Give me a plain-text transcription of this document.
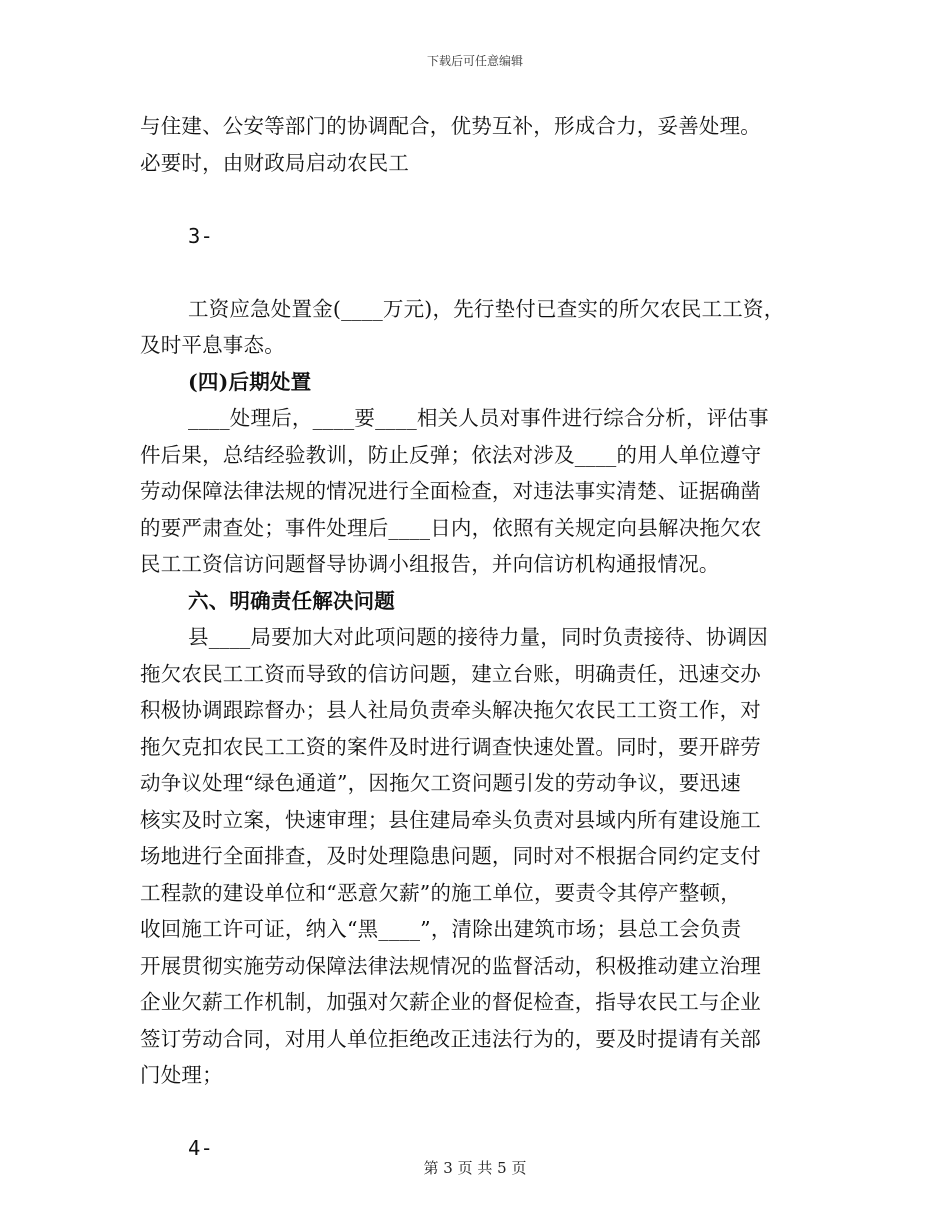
下载后可任意编辑
与住建、公安等部门的协调配合，优势互补，形成合力，妥善处理。
必要时，由财政局启动农民工
3-
工资应急处置金(____万元)，先行垫付已查实的所欠农民工工资，
及时平息事态。
(四)后期处置
____处理后，____要____相关人员对事件进行综合分析，评估事
件后果，总结经验教训，防止反弹；依法对涉及____的用人单位遵守
劳动保障法律法规的情况进行全面检查，对违法事实清楚、证据确凿
的要严肃查处；事件处理后____日内，依照有关规定向县解决拖欠农
民工工资信访问题督导协调小组报告，并向信访机构通报情况。
六、明确责任解决问题
县____局要加大对此项问题的接待力量，同时负责接待、协调因
拖欠农民工工资而导致的信访问题，建立台账，明确责任，迅速交办
积极协调跟踪督办；县人社局负责牵头解决拖欠农民工工资工作，对
拖欠克扣农民工工资的案件及时进行调查快速处置。同时，要开辟劳
动争议处理“绿色通道”，因拖欠工资问题引发的劳动争议，要迅速
核实及时立案，快速审理；县住建局牵头负责对县域内所有建设施工
场地进行全面排查，及时处理隐患问题，同时对不根据合同约定支付
工程款的建设单位和“恶意欠薪”的施工单位，要责令其停产整顿，
收回施工许可证，纳入“黑____”，清除出建筑市场；县总工会负责
开展贯彻实施劳动保障法律法规情况的监督活动，积极推动建立治理
企业欠薪工作机制，加强对欠薪企业的督促检查，指导农民工与企业
签订劳动合同，对用人单位拒绝改正违法行为的，要及时提请有关部
门处理；
4-
第 3 页 共 5 页
